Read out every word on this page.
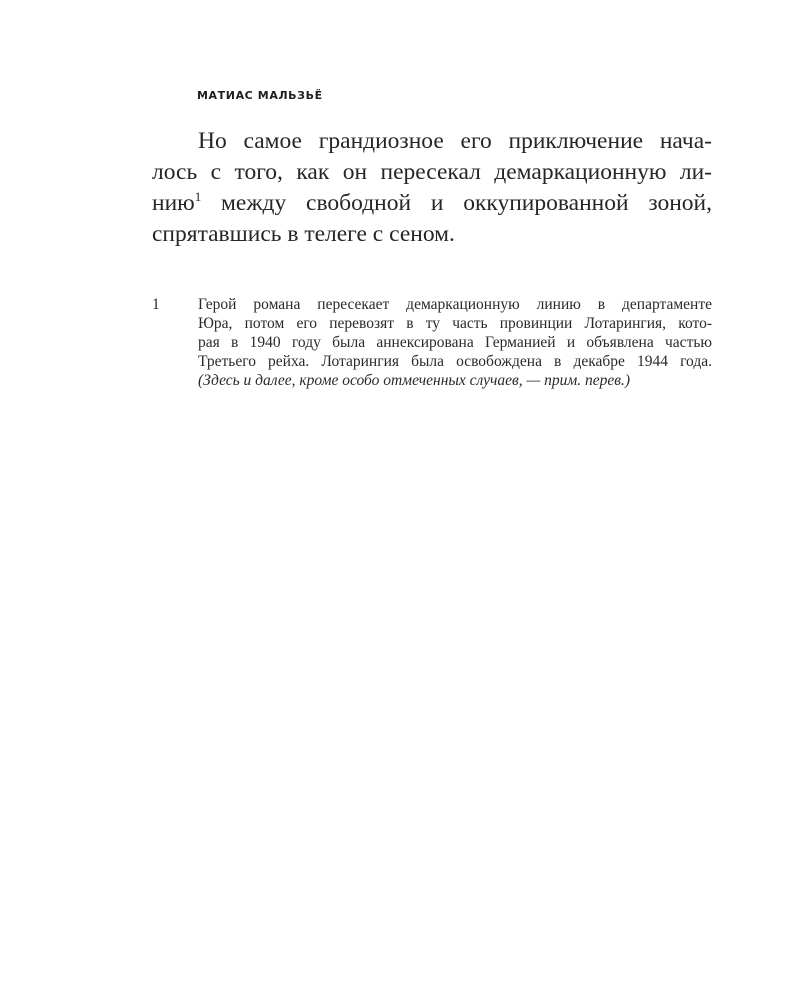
МАТИАС МАЛЬЗЬЁ
Но самое грандиозное его приключение нача-
лось с того, как он пересекал демаркационную ли-
нию$^1$ между свободной и оккупированной зоной,
спрятавшись в телеге с сеном.
1	Герой романа пересекает демаркационную линию в департаменте
Юра, потом его перевозят в ту часть провинции Лотарингия, кото-
рая в 1940 году была аннексирована Германией и объявлена частью
Третьего рейха. Лотарингия была освобождена в декабре 1944 года.
(Здесь и далее, кроме особо отмеченных случаев, — прим. перев.)
